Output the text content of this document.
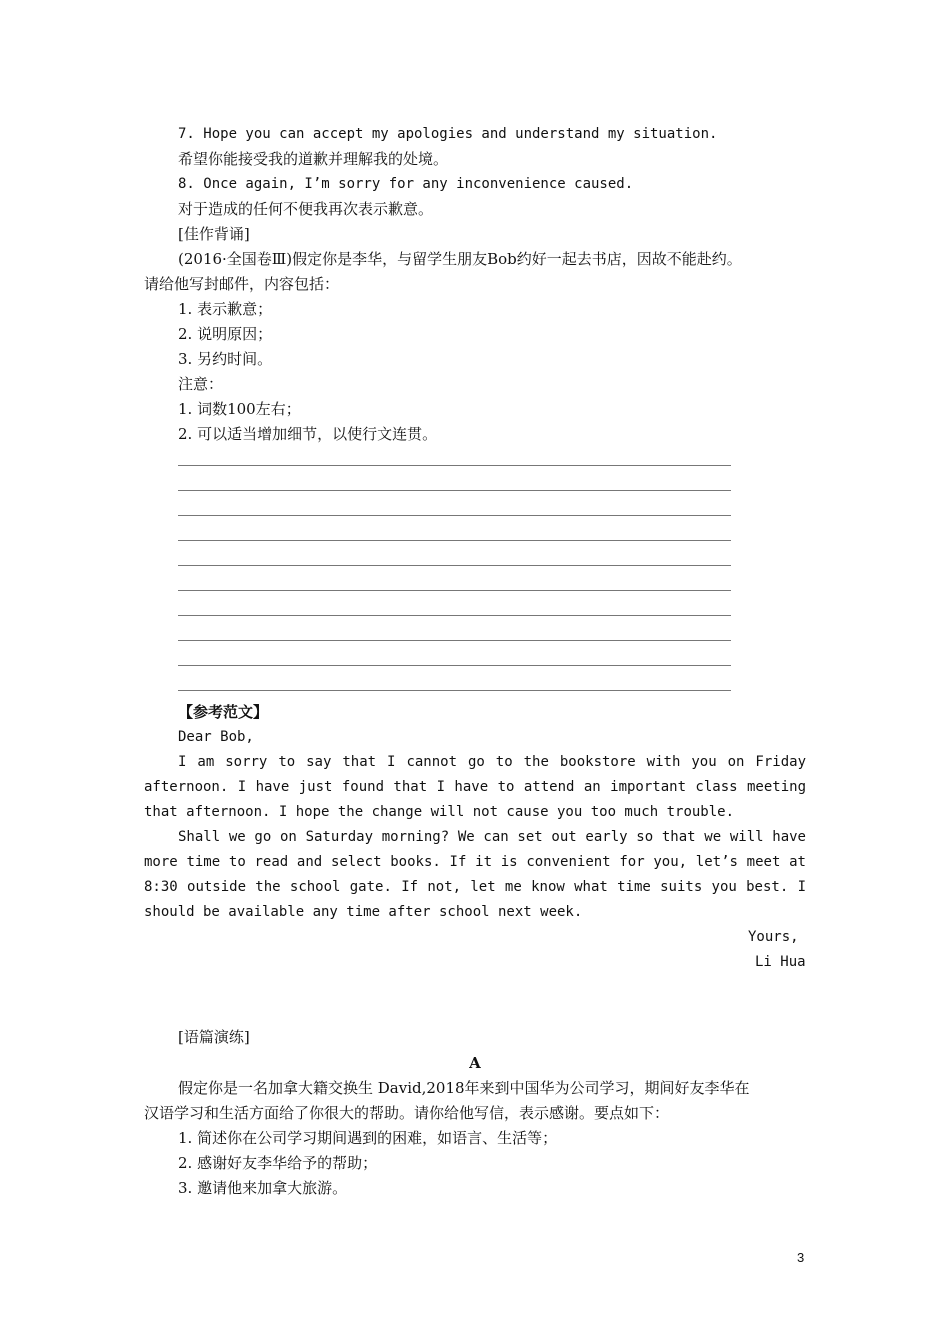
7. Hope you can accept my apologies and understand my situation.
希望你能接受我的道歉并理解我的处境。
8. Once again, I’m sorry for any inconvenience caused.
对于造成的任何不便我再次表示歉意。
[佳作背诵]
(2016·全国卷Ⅲ)假定你是李华，与留学生朋友Bob约好一起去书店，因故不能赴约。
请给他写封邮件，内容包括：
1. 表示歉意；
2. 说明原因；
3. 另约时间。
注意：
1. 词数100左右；
2. 可以适当增加细节，以使行文连贯。
【参考范文】
Dear Bob,
I am sorry to say that I cannot go to the bookstore with you on Friday
afternoon. I have just found that I have to attend an important class meeting
that afternoon. I hope the change will not cause you too much trouble.
Shall we go on Saturday morning? We can set out early so that we will have
more time to read and select books. If it is convenient for you, let’s meet at
8:30 outside the school gate. If not, let me know what time suits you best. I
should be available any time after school next week.
Yours,
Li Hua
[语篇演练]
A
假定你是一名加拿大籍交换生 David,2018年来到中国华为公司学习，期间好友李华在
汉语学习和生活方面给了你很大的帮助。请你给他写信，表示感谢。要点如下：
1. 简述你在公司学习期间遇到的困难，如语言、生活等；
2. 感谢好友李华给予的帮助；
3. 邀请他来加拿大旅游。
3
